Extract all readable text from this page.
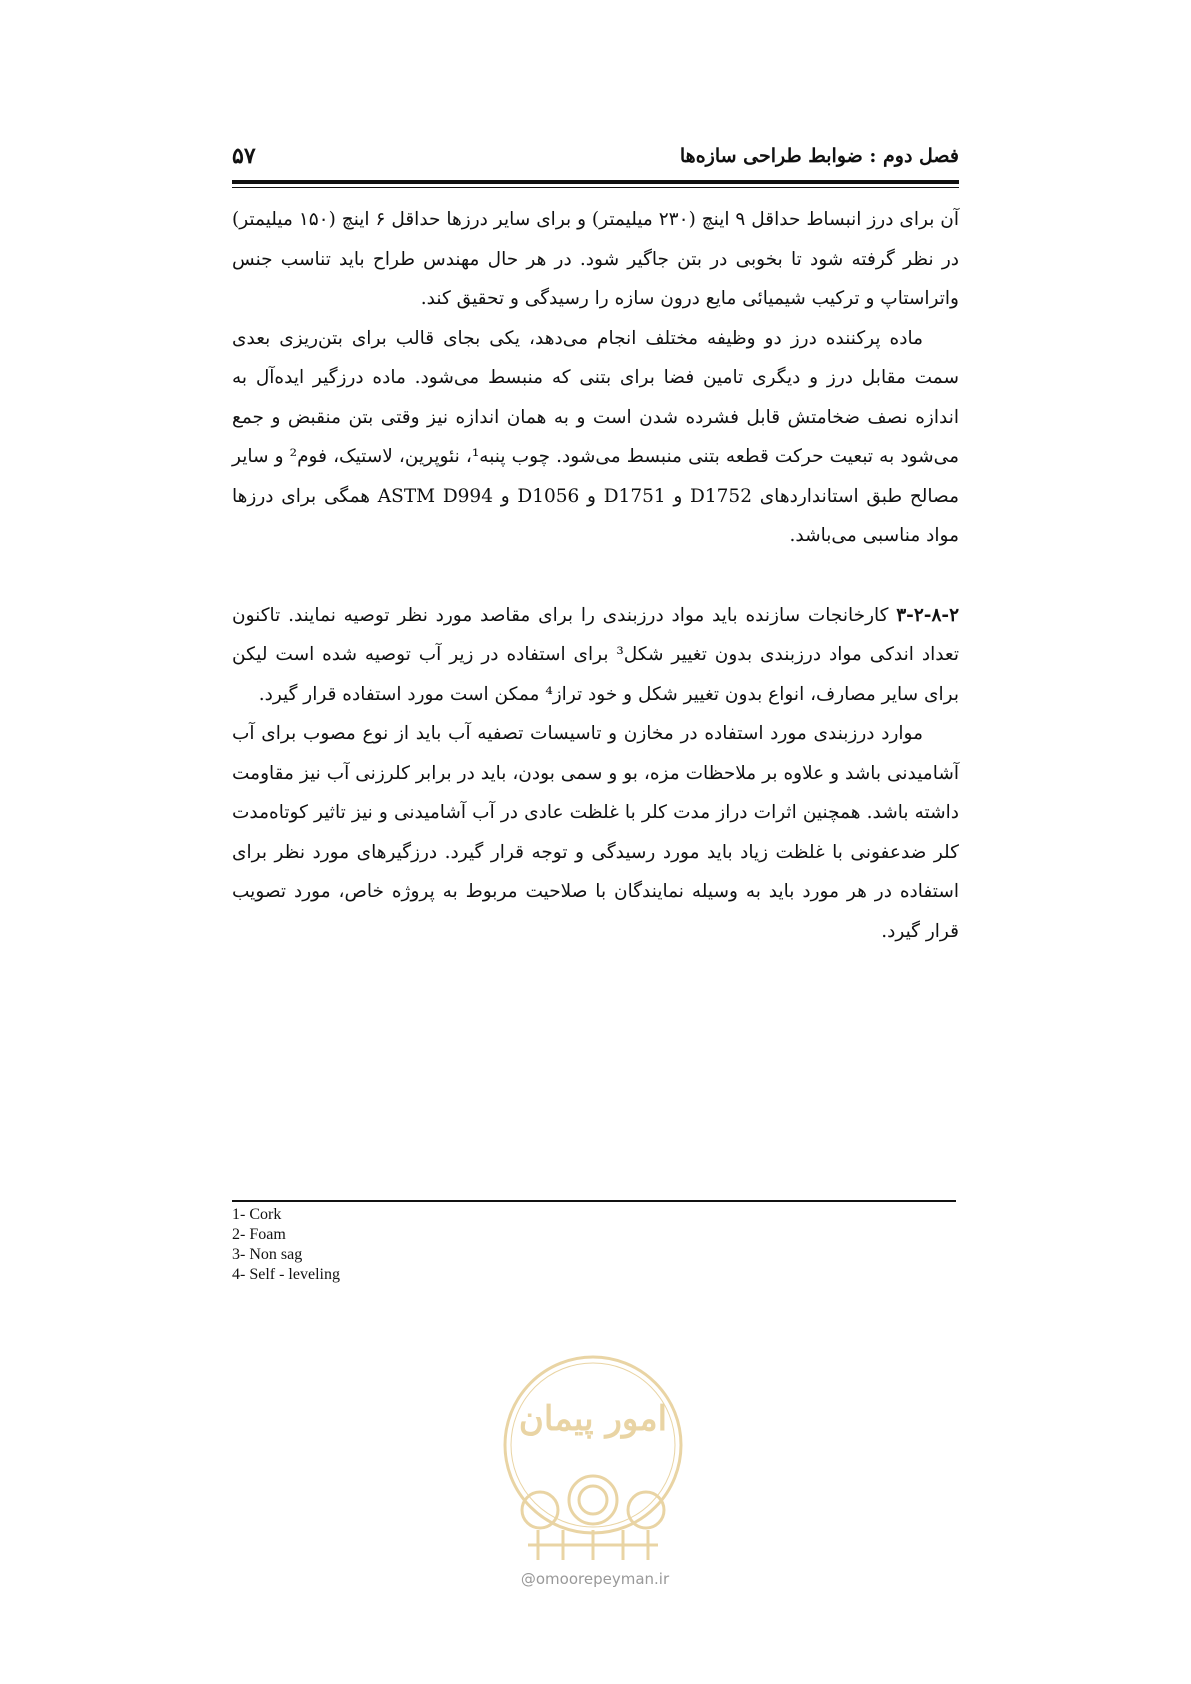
فصل دوم : ضوابط طراحی سازه‌ها
۵۷

آن برای درز انبساط حداقل ۹ اینچ (۲۳۰ میلیمتر) و برای سایر درزها حداقل ۶ اینچ (۱۵۰ میلیمتر) در نظر گرفته شود تا بخوبی در بتن جاگیر شود. در هر حال مهندس طراح باید تناسب جنس واتراستاپ و ترکیب شیمیائی مایع درون سازه را رسیدگی و تحقیق کند.

ماده پرکننده درز دو وظیفه مختلف انجام می‌دهد، یکی بجای قالب برای بتن‌ریزی بعدی سمت مقابل درز و دیگری تامین فضا برای بتنی که منبسط می‌شود. ماده درزگیر ایده‌آل به اندازه نصف ضخامتش قابل فشرده شدن است و به همان اندازه نیز وقتی بتن منقبض و جمع می‌شود به تبعیت حرکت قطعه بتنی منبسط می‌شود. چوب پنبه¹، نئوپرین، لاستیک، فوم² و سایر مصالح طبق استانداردهای D1752 و D1751 و D1056 و ASTM D994 همگی برای درزها مواد مناسبی می‌باشد.

۳-۲-۸-۲ کارخانجات سازنده باید مواد درزبندی را برای مقاصد مورد نظر توصیه نمایند. تاکنون تعداد اندکی مواد درزبندی بدون تغییر شکل³ برای استفاده در زیر آب توصیه شده است لیکن برای سایر مصارف، انواع بدون تغییر شکل و خود تراز⁴ ممکن است مورد استفاده قرار گیرد.

موارد درزبندی مورد استفاده در مخازن و تاسیسات تصفیه آب باید از نوع مصوب برای آب آشامیدنی باشد و علاوه بر ملاحظات مزه، بو و سمی بودن، باید در برابر کلرزنی آب نیز مقاومت داشته باشد. همچنین اثرات دراز مدت کلر با غلظت عادی در آب آشامیدنی و نیز تاثیر کوتاه‌مدت کلر ضدعفونی با غلظت زیاد باید مورد رسیدگی و توجه قرار گیرد. درزگیرهای مورد نظر برای استفاده در هر مورد باید به وسیله نمایندگان با صلاحیت مربوط به پروژه خاص، مورد تصویب قرار گیرد.

1- Cork
2- Foam
3- Non sag
4- Self - leveling
امور پیمان
@omoorepeyman.ir
